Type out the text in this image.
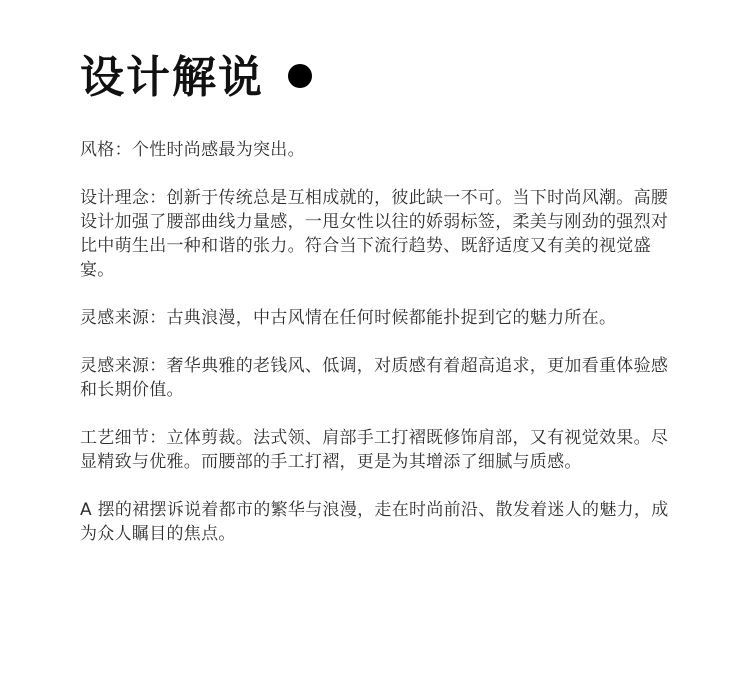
设计解说

风格：个性时尚感最为突出。

设计理念：创新于传统总是互相成就的，彼此缺一不可。当下时尚风潮。高腰设计加强了腰部曲线力量感，一甩女性以往的娇弱标签，柔美与刚劲的强烈对比中萌生出一种和谐的张力。符合当下流行趋势、既舒适度又有美的视觉盛宴。

灵感来源：古典浪漫，中古风情在任何时候都能扑捉到它的魅力所在。

灵感来源：奢华典雅的老钱风、低调，对质感有着超高追求，更加看重体验感和长期价值。

工艺细节：立体剪裁。法式领、肩部手工打褶既修饰肩部，又有视觉效果。尽显精致与优雅。而腰部的手工打褶，更是为其增添了细腻与质感。

A 摆的裙摆诉说着都市的繁华与浪漫，走在时尚前沿、散发着迷人的魅力，成为众人瞩目的焦点。
